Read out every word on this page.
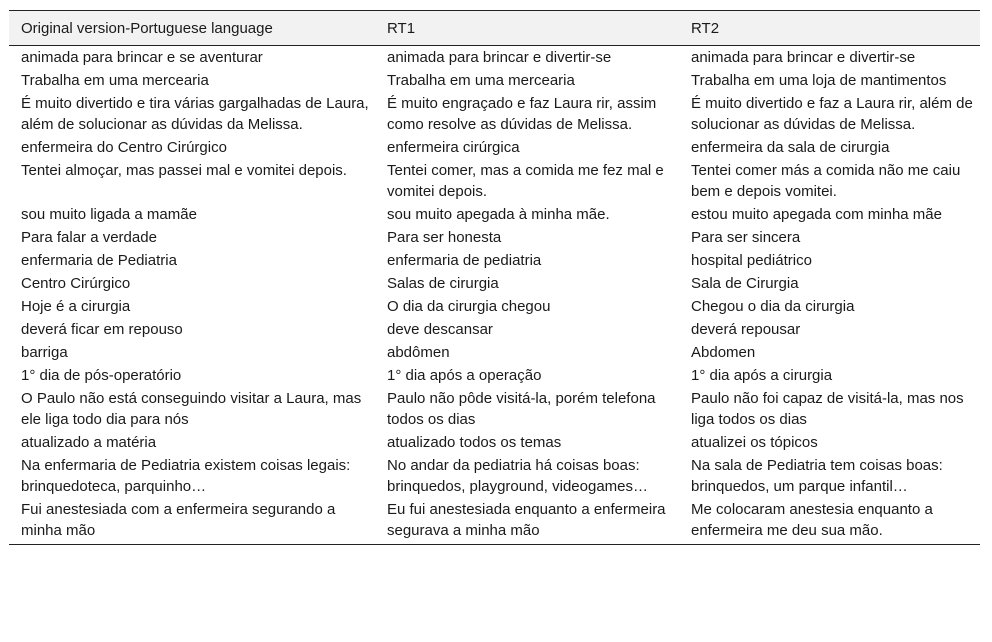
Original version-Portuguese language	RT1	RT2
animada para brincar e se aventurar	animada para brincar e divertir-se	animada para brincar e divertir-se
Trabalha em uma mercearia	Trabalha em uma mercearia	Trabalha em uma loja de mantimentos
É muito divertido e tira várias gargalhadas de Laura, além de solucionar as dúvidas da Melissa.	É muito engraçado e faz Laura rir, assim como resolve as dúvidas de Melissa.	É muito divertido e faz a Laura rir, além de solucionar as dúvidas de Melissa.
enfermeira do Centro Cirúrgico	enfermeira cirúrgica	enfermeira da sala de cirurgia
Tentei almoçar, mas passei mal e vomitei depois.	Tentei comer, mas a comida me fez mal e vomitei depois.	Tentei comer más a comida não me caiu bem e depois vomitei.
sou muito ligada a mamãe	sou muito apegada à minha mãe.	estou muito apegada com minha mãe
Para falar a verdade	Para ser honesta	Para ser sincera
enfermaria de Pediatria	enfermaria de pediatria	hospital pediátrico
Centro Cirúrgico	Salas de cirurgia	Sala de Cirurgia
Hoje é a cirurgia	O dia da cirurgia chegou	Chegou o dia da cirurgia
deverá ficar em repouso	deve descansar	deverá repousar
barriga	abdômen	Abdomen
1° dia de pós-operatório	1° dia após a operação	1° dia após a cirurgia
O Paulo não está conseguindo visitar a Laura, mas ele liga todo dia para nós	Paulo não pôde visitá-la, porém telefona todos os dias	Paulo não foi capaz de visitá-la, mas nos liga todos os dias
atualizado a matéria	atualizado todos os temas	atualizei os tópicos
Na enfermaria de Pediatria existem coisas legais: brinquedoteca, parquinho…	No andar da pediatria há coisas boas: brinquedos, playground, videogames…	Na sala de Pediatria tem coisas boas: brinquedos, um parque infantil…
Fui anestesiada com a enfermeira segurando a minha mão	Eu fui anestesiada enquanto a enfermeira segurava a minha mão	Me colocaram anestesia enquanto a enfermeira me deu sua mão.
